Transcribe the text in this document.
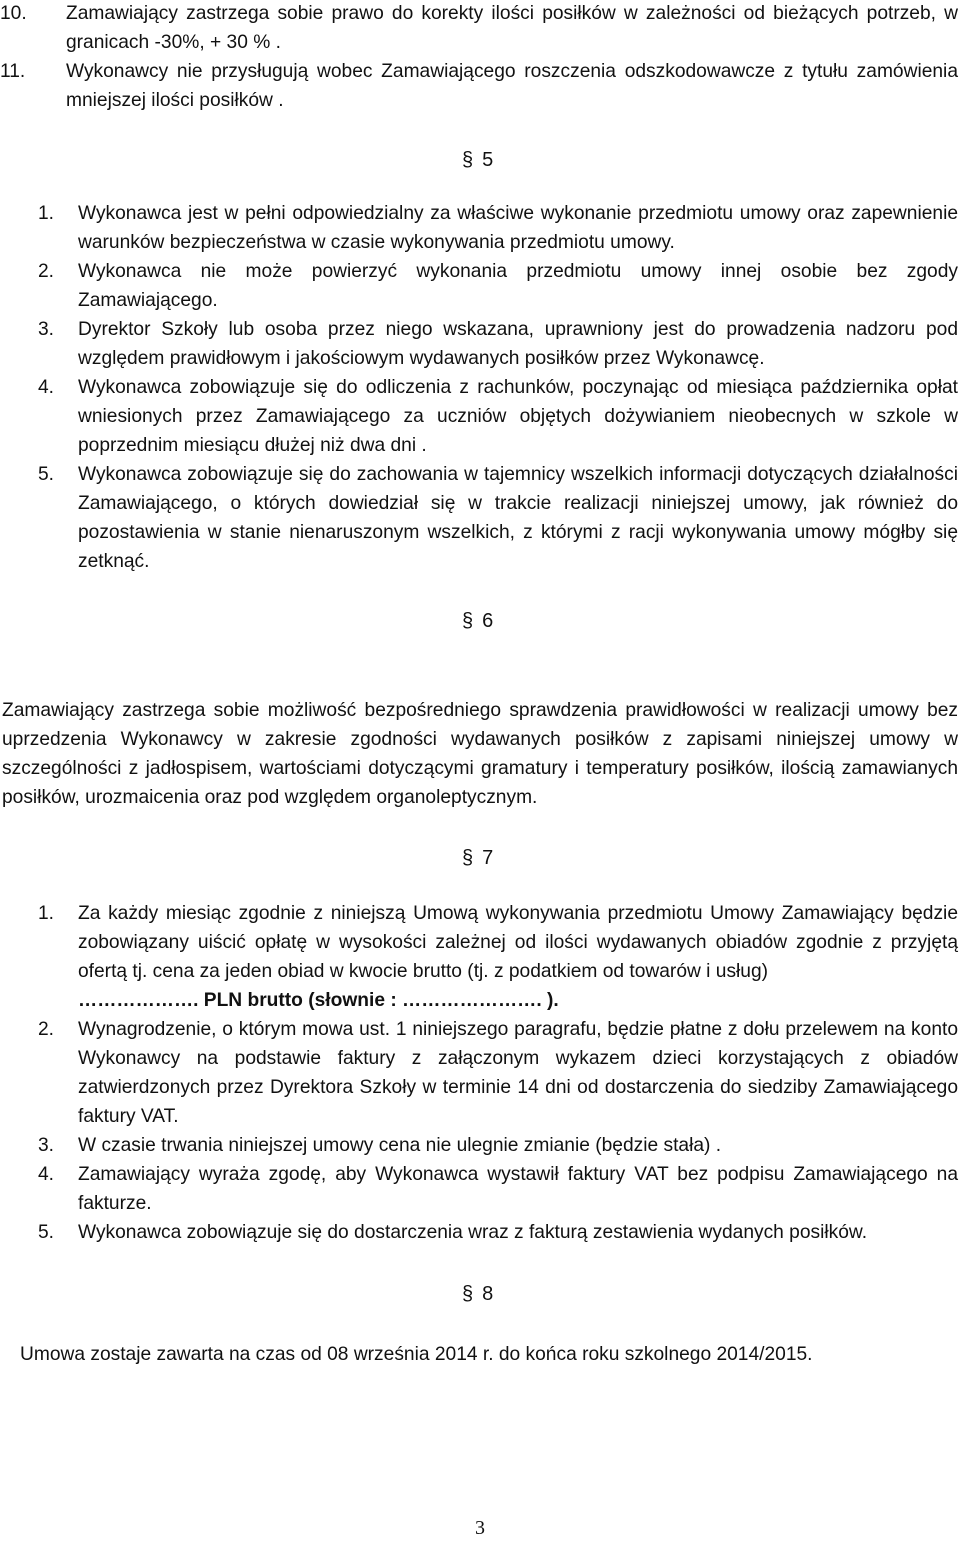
10. Zamawiający zastrzega sobie prawo do korekty ilości posiłków w zależności od bieżących potrzeb, w granicach -30%, + 30 % .
11. Wykonawcy nie przysługują wobec Zamawiającego roszczenia odszkodowawcze z tytułu zamówienia mniejszej ilości posiłków .
§ 5
1. Wykonawca jest w pełni odpowiedzialny za właściwe wykonanie przedmiotu umowy oraz zapewnienie warunków bezpieczeństwa w czasie wykonywania przedmiotu umowy.
2. Wykonawca nie może powierzyć wykonania przedmiotu umowy innej osobie bez zgody Zamawiającego.
3. Dyrektor Szkoły lub osoba przez niego wskazana, uprawniony jest do prowadzenia nadzoru pod względem prawidłowym i jakościowym wydawanych posiłków przez Wykonawcę.
4. Wykonawca zobowiązuje się do odliczenia z rachunków, poczynając od miesiąca października opłat wniesionych przez Zamawiającego za uczniów objętych dożywianiem nieobecnych w szkole w poprzednim miesiącu dłużej niż dwa dni .
5. Wykonawca zobowiązuje się do zachowania w tajemnicy wszelkich informacji dotyczących działalności Zamawiającego, o których dowiedział się w trakcie realizacji niniejszej umowy, jak również do pozostawienia w stanie nienaruszonym wszelkich, z którymi z racji wykonywania umowy mógłby się zetknąć.
§ 6
Zamawiający zastrzega sobie możliwość bezpośredniego sprawdzenia prawidłowości w realizacji umowy bez uprzedzenia Wykonawcy w zakresie zgodności wydawanych posiłków z zapisami niniejszej umowy w szczególności z jadłospisem, wartościami dotyczącymi gramatury i temperatury posiłków, ilością zamawianych posiłków, urozmaicenia oraz pod względem organoleptycznym.
§ 7
1. Za każdy miesiąc zgodnie z niniejszą Umową wykonywania przedmiotu Umowy Zamawiający będzie zobowiązany uiścić opłatę w wysokości zależnej od ilości wydawanych obiadów zgodnie z przyjętą ofertą tj. cena za jeden obiad w kwocie brutto (tj. z podatkiem od towarów i usług)
………………. PLN brutto (słownie : …………………. ).
2. Wynagrodzenie, o którym mowa ust. 1 niniejszego paragrafu, będzie płatne z dołu przelewem na konto Wykonawcy na podstawie faktury z załączonym wykazem dzieci korzystających z obiadów zatwierdzonych przez Dyrektora Szkoły w terminie 14 dni od dostarczenia do siedziby Zamawiającego faktury VAT.
3. W czasie trwania niniejszej umowy cena nie ulegnie zmianie (będzie stała) .
4. Zamawiający wyraża zgodę, aby Wykonawca wystawił faktury VAT bez podpisu Zamawiającego na fakturze.
5. Wykonawca zobowiązuje się do dostarczenia wraz z fakturą zestawienia wydanych posiłków.
§ 8
Umowa zostaje zawarta na czas od 08 września 2014 r. do końca roku szkolnego 2014/2015.
3
